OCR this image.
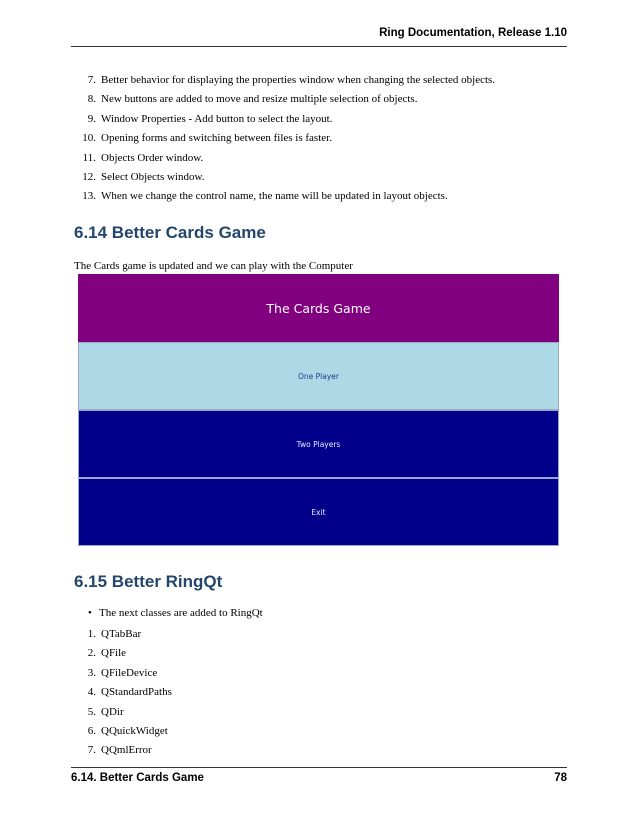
Ring Documentation, Release 1.10
7. Better behavior for displaying the properties window when changing the selected objects.
8. New buttons are added to move and resize multiple selection of objects.
9. Window Properties - Add button to select the layout.
10. Opening forms and switching between files is faster.
11. Objects Order window.
12. Select Objects window.
13. When we change the control name, the name will be updated in layout objects.
6.14 Better Cards Game

The Cards game is updated and we can play with the Computer

The Cards Game
One Player
Two Players
Exit
6.15 Better RingQt
• The next classes are added to RingQt
1. QTabBar
2. QFile
3. QFileDevice
4. QStandardPaths
5. QDir
6. QQuickWidget
7. QQmlError
6.14. Better Cards Game	78
